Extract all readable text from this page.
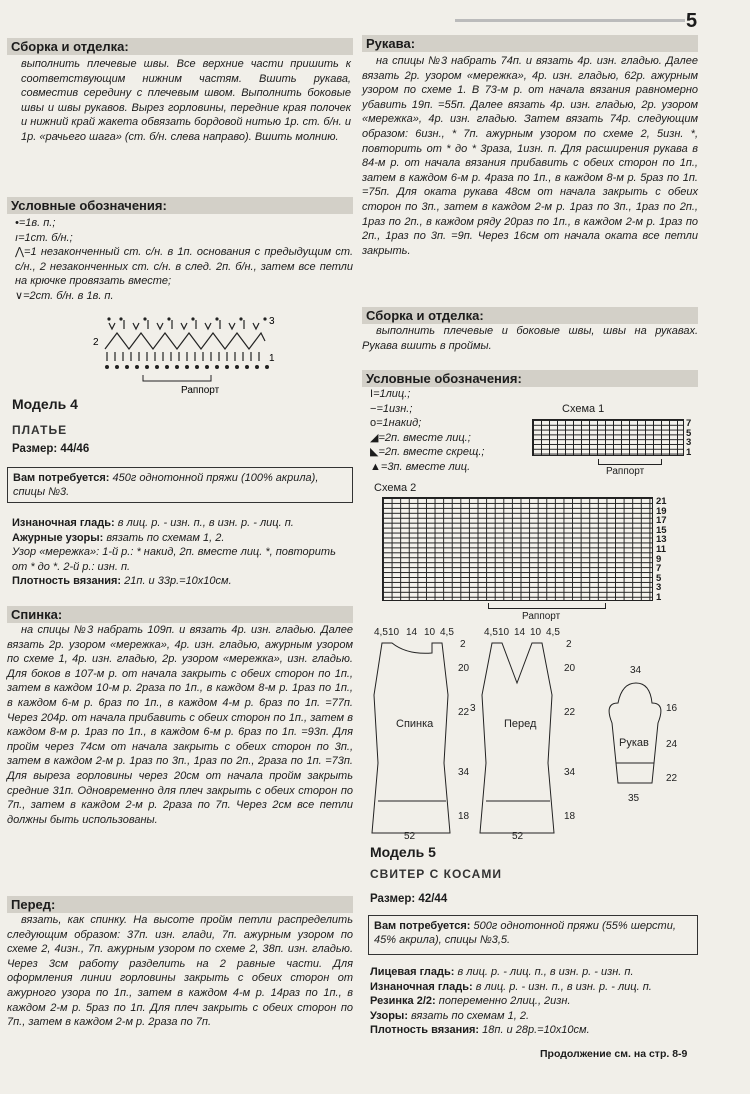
5
Сборка и отделка:

выполнить плечевые швы. Все верхние части пришить к соответствующим нижним частям. Вшить рукава, совместив середину с плечевым швом. Выполнить боковые швы и швы рукавов. Вырез горловины, передние края полочек и нижний край жакета обвязать бордовой нитью 1р. ст. б/н. и 1р. «рачьего шага» (ст. б/н. слева направо). Вшить молнию.

Условные обозначения:
•=1в. п.;
ı=1ст. б/н.;
⋀=1 незаконченный ст. с/н. в 1п. основания с предыдущим ст. с/н., 2 незаконченных ст. с/н. в след. 2п. б/н., затем все петли на крючке провязать вместе;
∨=2ст. б/н. в 1в. п.
3
2
1
Раппорт
Модель 4
ПЛАТЬЕ
Размер: 44/46
Вам потребуется: 450г однотонной пряжи (100% акрила), спицы №3.
Изнаночная гладь: в лиц. р. - изн. п., в изн. р. - лиц. п.
Ажурные узоры: вязать по схемам 1, 2.
Узор «мережка»: 1-й р.: * накид, 2п. вместе лиц. *, повторить от * до *. 2-й р.: изн. п.
Плотность вязания: 21п. и 33р.=10х10см.
Спинка:

на спицы №3 набрать 109п. и вязать 4р. изн. гладью. Далее вязать 2р. узором «мережка», 4р. изн. гладью, ажурным узором по схеме 1, 4р. изн. гладью, 2р. узором «мережка», изн. гладью. Для боков в 107-м р. от начала закрыть с обеих сторон по 1п., затем в каждом 10-м р. 2раза по 1п., в каждом 8-м р. 1раз по 1п., в каждом 6-м р. 6раз по 1п., в каждом 4-м р. 6раз по 1п. =77п. Через 204р. от начала прибавить с обеих сторон по 1п., затем в каждом 8-м р. 1раз по 1п., в каждом 6-м р. 6раз по 1п. =93п. Для пройм через 74см от начала закрыть с обеих сторон по 3п., затем в каждом 2-м р. 1раз по 3п., 1раз по 2п., 2раза по 1п. =73п. Для выреза горловины через 20см от начала пройм закрыть средние 31п. Одновременно для плеч закрыть с обеих сторон по 7п., затем в каждом 2-м р. 2раза по 7п. Через 2см все петли должны быть использованы.

Перед:

вязать, как спинку. На высоте пройм петли распределить следующим образом: 37п. изн. глади, 7п. ажурным узором по схеме 2, 4изн., 7п. ажурным узором по схеме 2, 38п. изн. гладью. Через 3см работу разделить на 2 равные части. Для оформления линии горловины закрыть с обеих сторон от ажурного узора по 1п., затем в каждом 4-м р. 14раз по 1п., в каждом 2-м р. 5раз по 1п. Для плеч закрыть с обеих сторон по 7п., затем в каждом 2-м р. 2раза по 7п.

Рукава:

на спицы №3 набрать 74п. и вязать 4р. изн. гладью. Далее вязать 2р. узором «мережка», 4р. изн. гладью, 62р. ажурным узором по схеме 1. В 73-м р. от начала вязания равномерно убавить 19п. =55п. Далее вязать 4р. изн. гладью, 2р. узором «мережка», 4р. изн. гладью. Затем вязать 74р. следующим образом: 6изн., * 7п. ажурным узором по схеме 2, 5изн. *, повторить от * до * 3раза, 1изн. п. Для расширения рукава в 84-м р. от начала вязания прибавить с обеих сторон по 1п., затем в каждом 6-м р. 4раза по 1п., в каждом 8-м р. 5раз по 1п. =75п. Для оката рукава 48см от начала закрыть с обеих сторон по 3п., затем в каждом 2-м р. 1раз по 3п., 1раз по 2п., 1раз по 2п., в каждом ряду 20раз по 1п., в каждом 2-м р. 1раз по 2п., 1раз по 3п. =9п. Через 16см от начала оката все петли закрыть.

Сборка и отделка:

выполнить плечевые и боковые швы, швы на рукавах. Рукава вшить в проймы.

Условные обозначения:
I=1лиц.;
−=1изн.;
o=1накид;
◢=2п. вместе лиц.;
◣=2п. вместе скрещ.;
▲=3п. вместе лиц.
Схема 1
7
5
3
1
Раппорт
Схема 2
21
19
17
15
13
11
9
7
5
3
1
Раппорт
Спинка	Перед
Рукав
4,5 10 14 10 4,5
2
20
22
34
18
52
4,5 10 14 10 4,5
3
2
20
22
34
18
52
34
16
24
22
35
Модель 5
СВИТЕР С КОСАМИ
Размер: 42/44
Вам потребуется: 500г однотонной пряжи (55% шерсти, 45% акрила), спицы №3,5.
Лицевая гладь: в лиц. р. - лиц. п., в изн. р. - изн. п.
Изнаночная гладь: в лиц. р. - изн. п., в изн. р. - лиц. п.
Резинка 2/2: попеременно 2лиц., 2изн.
Узоры: вязать по схемам 1, 2.
Плотность вязания: 18п. и 28р.=10х10см.
Продолжение см. на стр. 8-9
